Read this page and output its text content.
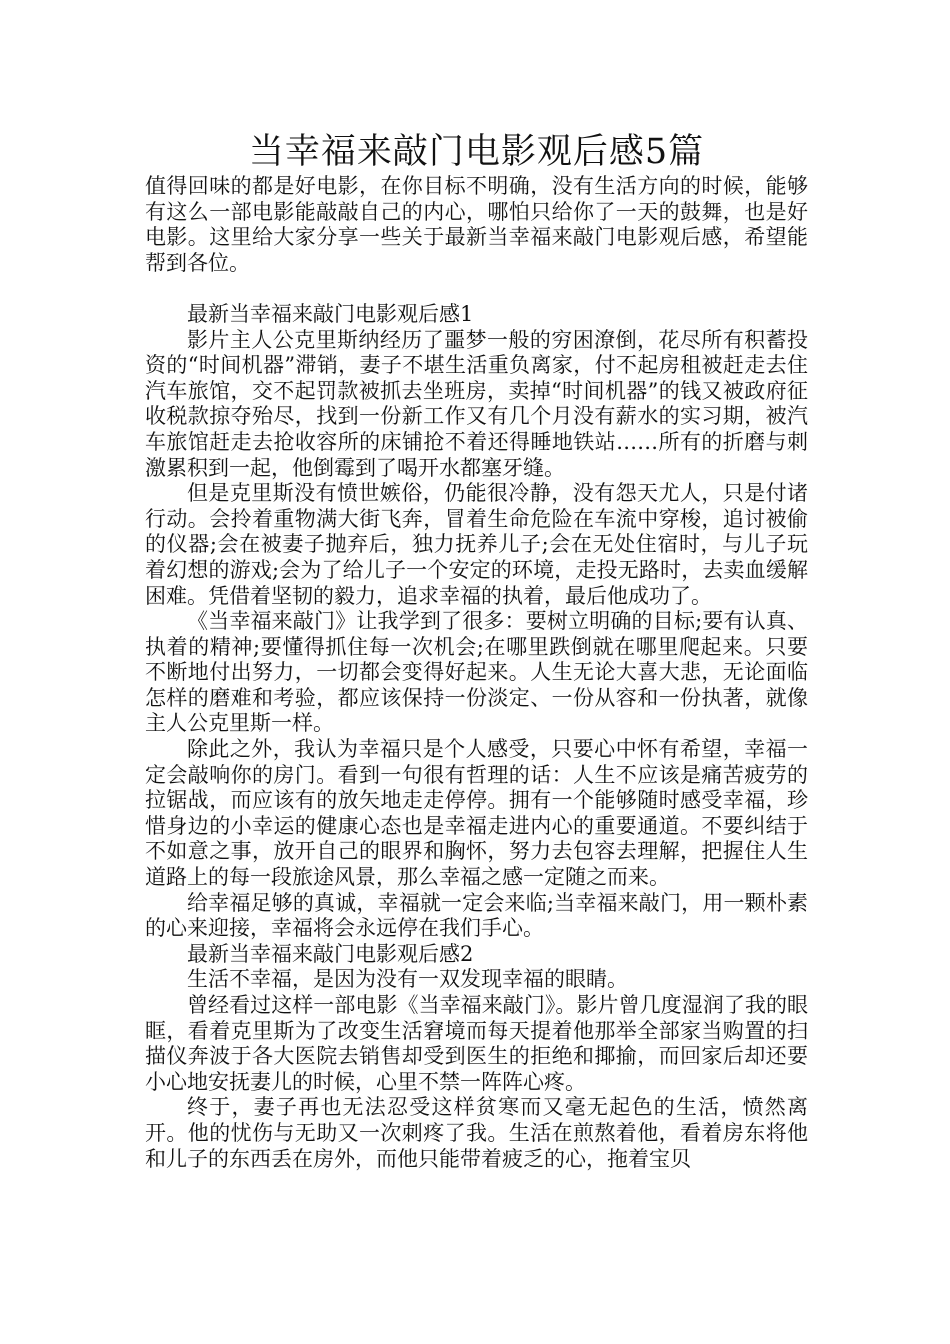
当幸福来敲门电影观后感5篇

值得回味的都是好电影，在你目标不明确，没有生活方向的时候，能够有这么一部电影能敲敲自己的内心，哪怕只给你了一天的鼓舞，也是好电影。这里给大家分享一些关于最新当幸福来敲门电影观后感，希望能帮到各位。

最新当幸福来敲门电影观后感1

影片主人公克里斯纳经历了噩梦一般的穷困潦倒，花尽所有积蓄投资的“时间机器”滞销，妻子不堪生活重负离家，付不起房租被赶走去住汽车旅馆，交不起罚款被抓去坐班房，卖掉“时间机器”的钱又被政府征收税款掠夺殆尽，找到一份新工作又有几个月没有薪水的实习期，被汽车旅馆赶走去抢收容所的床铺抢不着还得睡地铁站……所有的折磨与刺激累积到一起，他倒霉到了喝开水都塞牙缝。

但是克里斯没有愤世嫉俗，仍能很冷静，没有怨天尤人，只是付诸行动。会拎着重物满大街飞奔，冒着生命危险在车流中穿梭，追讨被偷的仪器;会在被妻子抛弃后，独力抚养儿子;会在无处住宿时，与儿子玩着幻想的游戏;会为了给儿子一个安定的环境，走投无路时，去卖血缓解困难。凭借着坚韧的毅力，追求幸福的执着，最后他成功了。

《当幸福来敲门》让我学到了很多：要树立明确的目标;要有认真、执着的精神;要懂得抓住每一次机会;在哪里跌倒就在哪里爬起来。只要不断地付出努力，一切都会变得好起来。人生无论大喜大悲，无论面临怎样的磨难和考验，都应该保持一份淡定、一份从容和一份执著，就像主人公克里斯一样。

除此之外，我认为幸福只是个人感受，只要心中怀有希望，幸福一定会敲响你的房门。看到一句很有哲理的话：人生不应该是痛苦疲劳的拉锯战，而应该有的放矢地走走停停。拥有一个能够随时感受幸福，珍惜身边的小幸运的健康心态也是幸福走进内心的重要通道。不要纠结于不如意之事，放开自己的眼界和胸怀，努力去包容去理解，把握住人生道路上的每一段旅途风景，那么幸福之感一定随之而来。

给幸福足够的真诚，幸福就一定会来临;当幸福来敲门，用一颗朴素的心来迎接，幸福将会永远停在我们手心。

最新当幸福来敲门电影观后感2

生活不幸福，是因为没有一双发现幸福的眼睛。

曾经看过这样一部电影《当幸福来敲门》。影片曾几度湿润了我的眼眶，看着克里斯为了改变生活窘境而每天提着他那举全部家当购置的扫描仪奔波于各大医院去销售却受到医生的拒绝和揶揄，而回家后却还要小心地安抚妻儿的时候，心里不禁一阵阵心疼。

终于，妻子再也无法忍受这样贫寒而又毫无起色的生活，愤然离开。他的忧伤与无助又一次刺疼了我。生活在煎熬着他，看着房东将他和儿子的东西丢在房外，而他只能带着疲乏的心，拖着宝贝
